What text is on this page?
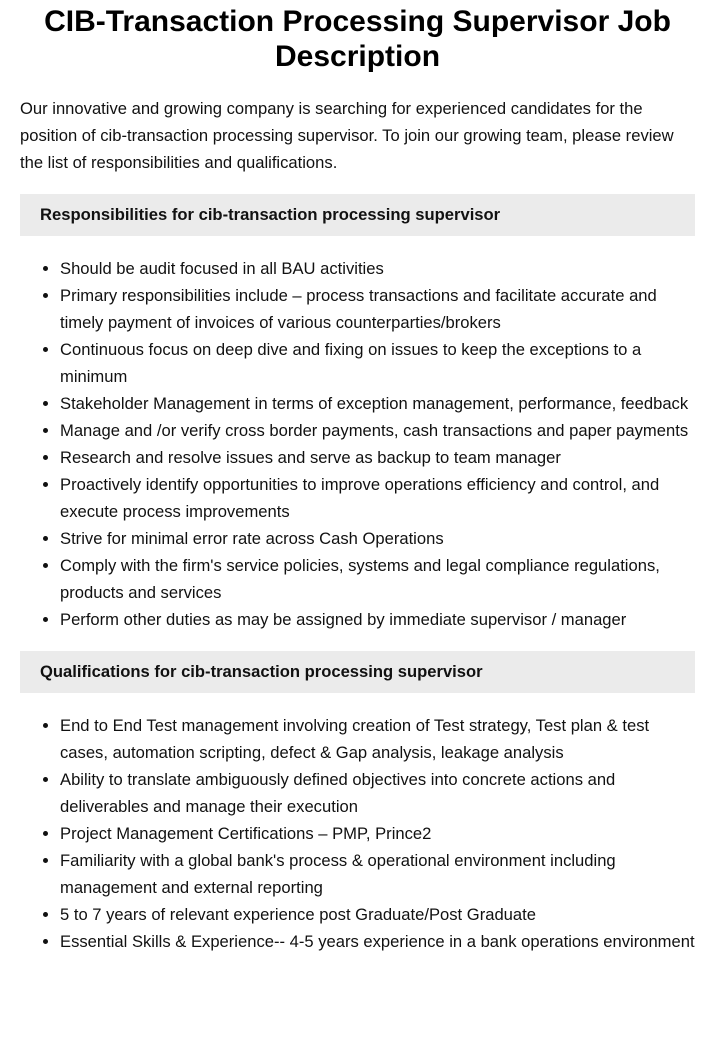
CIB-Transaction Processing Supervisor Job Description

Our innovative and growing company is searching for experienced candidates for the position of cib-transaction processing supervisor. To join our growing team, please review the list of responsibilities and qualifications.

Responsibilities for cib-transaction processing supervisor
• Should be audit focused in all BAU activities
• Primary responsibilities include – process transactions and facilitate accurate and timely payment of invoices of various counterparties/brokers
• Continuous focus on deep dive and fixing on issues to keep the exceptions to a minimum
• Stakeholder Management in terms of exception management, performance, feedback
• Manage and /or verify cross border payments, cash transactions and paper payments
• Research and resolve issues and serve as backup to team manager
• Proactively identify opportunities to improve operations efficiency and control, and execute process improvements
• Strive for minimal error rate across Cash Operations
• Comply with the firm's service policies, systems and legal compliance regulations, products and services
• Perform other duties as may be assigned by immediate supervisor / manager
Qualifications for cib-transaction processing supervisor
• End to End Test management involving creation of Test strategy, Test plan & test cases, automation scripting, defect & Gap analysis, leakage analysis
• Ability to translate ambiguously defined objectives into concrete actions and deliverables and manage their execution
• Project Management Certifications – PMP, Prince2
• Familiarity with a global bank's process & operational environment including management and external reporting
• 5 to 7 years of relevant experience post Graduate/Post Graduate
• Essential Skills & Experience-- 4-5 years experience in a bank operations environment
